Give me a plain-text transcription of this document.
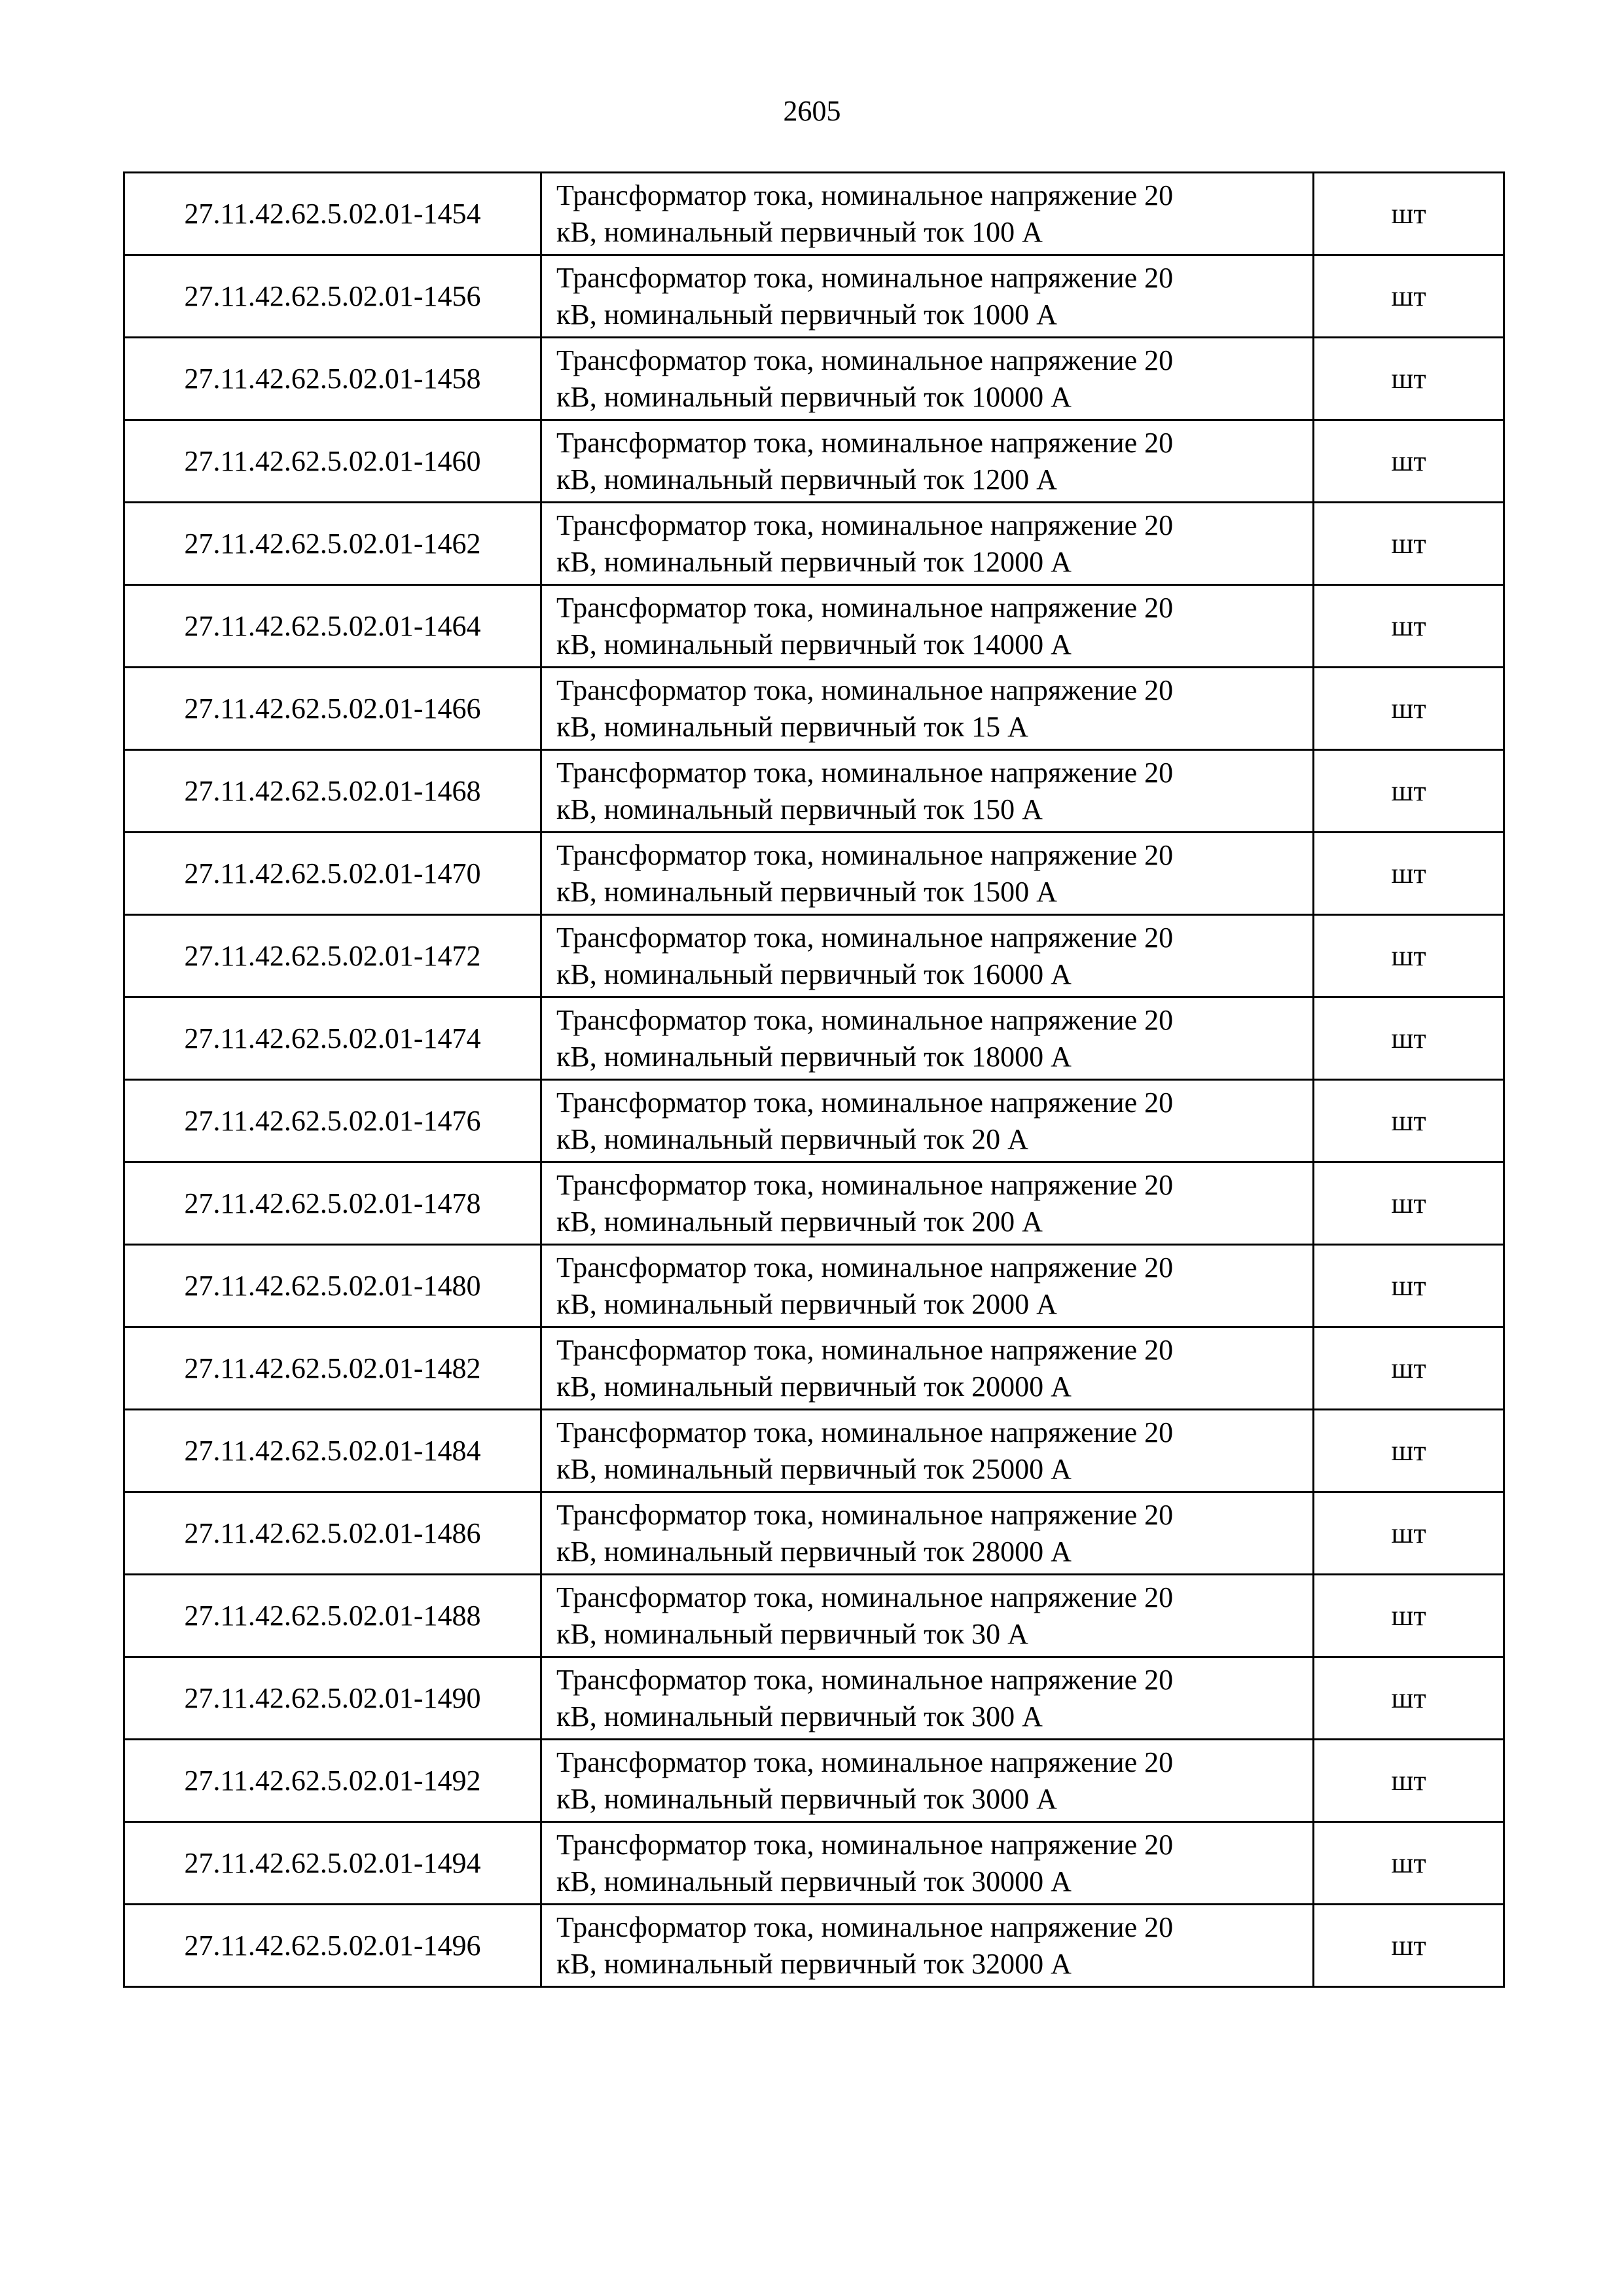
2605
27.11.42.62.5.02.01-1454	Трансформатор тока, номинальное напряжение 20
кВ, номинальный первичный ток 100 А	шт
27.11.42.62.5.02.01-1456	Трансформатор тока, номинальное напряжение 20
кВ, номинальный первичный ток 1000 А	шт
27.11.42.62.5.02.01-1458	Трансформатор тока, номинальное напряжение 20
кВ, номинальный первичный ток 10000 А	шт
27.11.42.62.5.02.01-1460	Трансформатор тока, номинальное напряжение 20
кВ, номинальный первичный ток 1200 А	шт
27.11.42.62.5.02.01-1462	Трансформатор тока, номинальное напряжение 20
кВ, номинальный первичный ток 12000 А	шт
27.11.42.62.5.02.01-1464	Трансформатор тока, номинальное напряжение 20
кВ, номинальный первичный ток 14000 А	шт
27.11.42.62.5.02.01-1466	Трансформатор тока, номинальное напряжение 20
кВ, номинальный первичный ток 15 А	шт
27.11.42.62.5.02.01-1468	Трансформатор тока, номинальное напряжение 20
кВ, номинальный первичный ток 150 А	шт
27.11.42.62.5.02.01-1470	Трансформатор тока, номинальное напряжение 20
кВ, номинальный первичный ток 1500 А	шт
27.11.42.62.5.02.01-1472	Трансформатор тока, номинальное напряжение 20
кВ, номинальный первичный ток 16000 А	шт
27.11.42.62.5.02.01-1474	Трансформатор тока, номинальное напряжение 20
кВ, номинальный первичный ток 18000 А	шт
27.11.42.62.5.02.01-1476	Трансформатор тока, номинальное напряжение 20
кВ, номинальный первичный ток 20 А	шт
27.11.42.62.5.02.01-1478	Трансформатор тока, номинальное напряжение 20
кВ, номинальный первичный ток 200 А	шт
27.11.42.62.5.02.01-1480	Трансформатор тока, номинальное напряжение 20
кВ, номинальный первичный ток 2000 А	шт
27.11.42.62.5.02.01-1482	Трансформатор тока, номинальное напряжение 20
кВ, номинальный первичный ток 20000 А	шт
27.11.42.62.5.02.01-1484	Трансформатор тока, номинальное напряжение 20
кВ, номинальный первичный ток 25000 А	шт
27.11.42.62.5.02.01-1486	Трансформатор тока, номинальное напряжение 20
кВ, номинальный первичный ток 28000 А	шт
27.11.42.62.5.02.01-1488	Трансформатор тока, номинальное напряжение 20
кВ, номинальный первичный ток 30 А	шт
27.11.42.62.5.02.01-1490	Трансформатор тока, номинальное напряжение 20
кВ, номинальный первичный ток 300 А	шт
27.11.42.62.5.02.01-1492	Трансформатор тока, номинальное напряжение 20
кВ, номинальный первичный ток 3000 А	шт
27.11.42.62.5.02.01-1494	Трансформатор тока, номинальное напряжение 20
кВ, номинальный первичный ток 30000 А	шт
27.11.42.62.5.02.01-1496	Трансформатор тока, номинальное напряжение 20
кВ, номинальный первичный ток 32000 А	шт
